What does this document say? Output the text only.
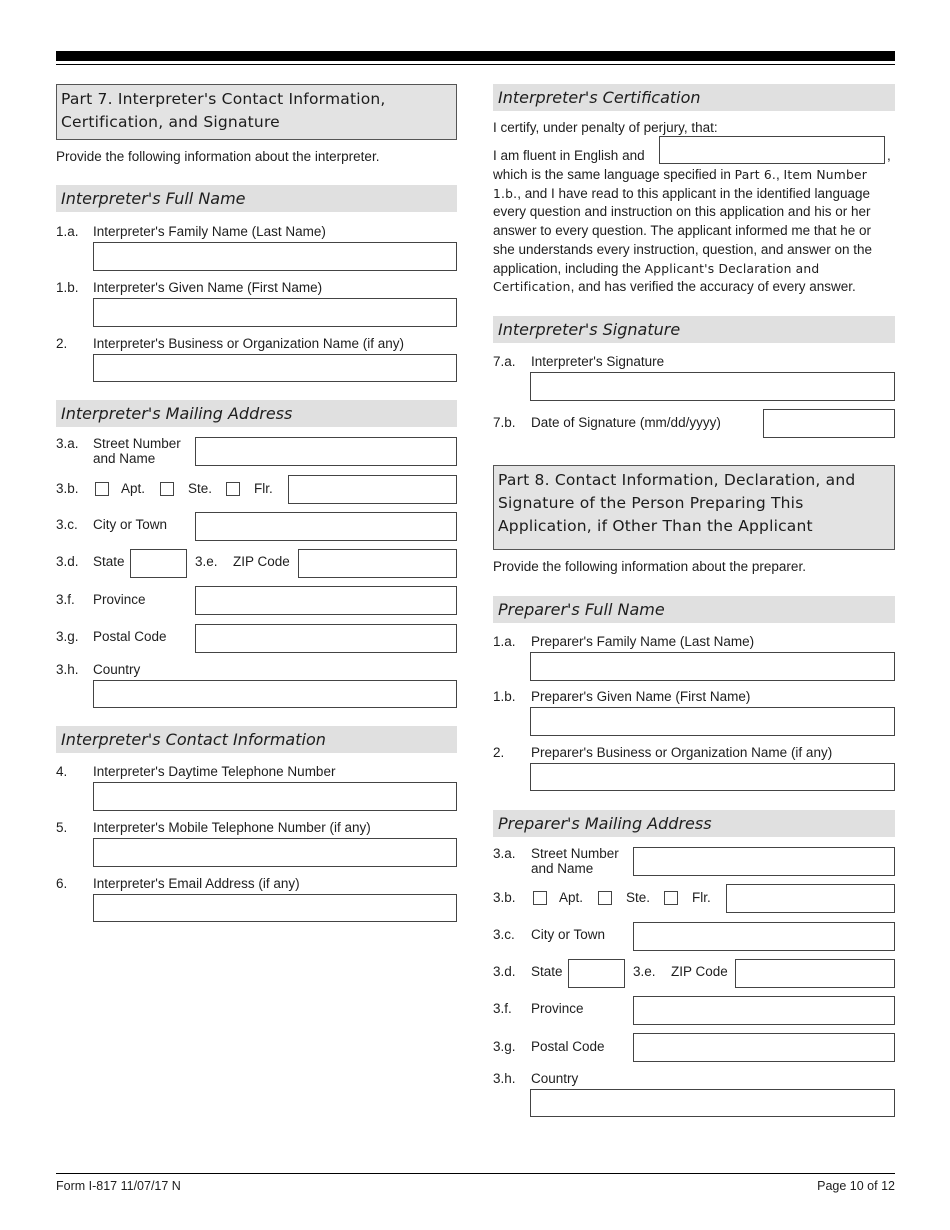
Part 7. Interpreter's Contact Information,
Certification, and Signature
Provide the following information about the interpreter.
Interpreter's Full Name
1.a. Interpreter's Family Name (Last Name)
1.b. Interpreter's Given Name (First Name)
2. Interpreter's Business or Organization Name (if any)
Interpreter's Mailing Address
3.a. Street Number
and Name
3.b.	Apt.	Ste.	Flr.
3.c. City or Town
3.d. State	3.e. ZIP Code
3.f. Province
3.g. Postal Code
3.h. Country
Interpreter's Contact Information
4. Interpreter's Daytime Telephone Number
5. Interpreter's Mobile Telephone Number (if any)
6. Interpreter's Email Address (if any)
Interpreter's Certification
I certify, under penalty of perjury, that:
I am fluent in English and	,
which is the same language specified in Part 6., Item Number 1.b., and I have read to this applicant in the identified language every question and instruction on this application and his or her answer to every question. The applicant informed me that he or she understands every instruction, question, and answer on the application, including the Applicant's Declaration and Certification, and has verified the accuracy of every answer.
Interpreter's Signature
7.a. Interpreter's Signature
7.b. Date of Signature (mm/dd/yyyy)
Part 8. Contact Information, Declaration, and
Signature of the Person Preparing This
Application, if Other Than the Applicant
Provide the following information about the preparer.
Preparer's Full Name
1.a. Preparer's Family Name (Last Name)
1.b. Preparer's Given Name (First Name)
2. Preparer's Business or Organization Name (if any)
Preparer's Mailing Address
3.a. Street Number
and Name
3.b.	Apt.	Ste.	Flr.
3.c. City or Town
3.d. State	3.e. ZIP Code
3.f. Province
3.g. Postal Code
3.h. Country
Form I-817 11/07/17 N	Page 10 of 12
